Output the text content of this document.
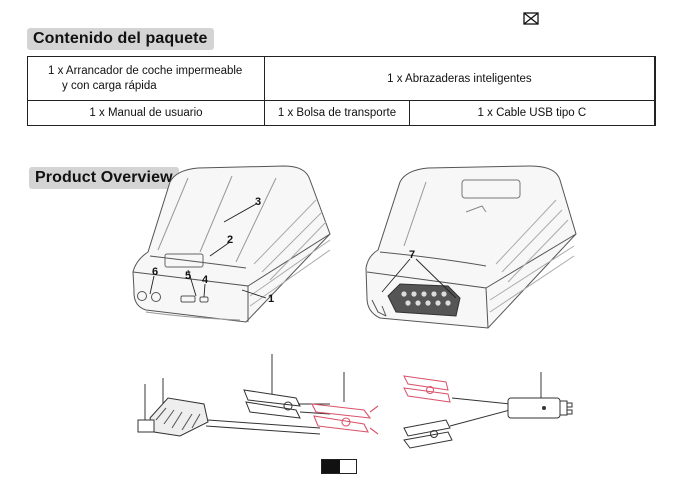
Contenido del paquete
1 x Arrancador de coche impermeable
y con carga rápida	1 x Abrazaderas inteligentes		
1 x Manual de usuario	1 x Bolsa de transporte	1 x Cable USB tipo C	
Product Overview
3
2
6 5 4
1
7
